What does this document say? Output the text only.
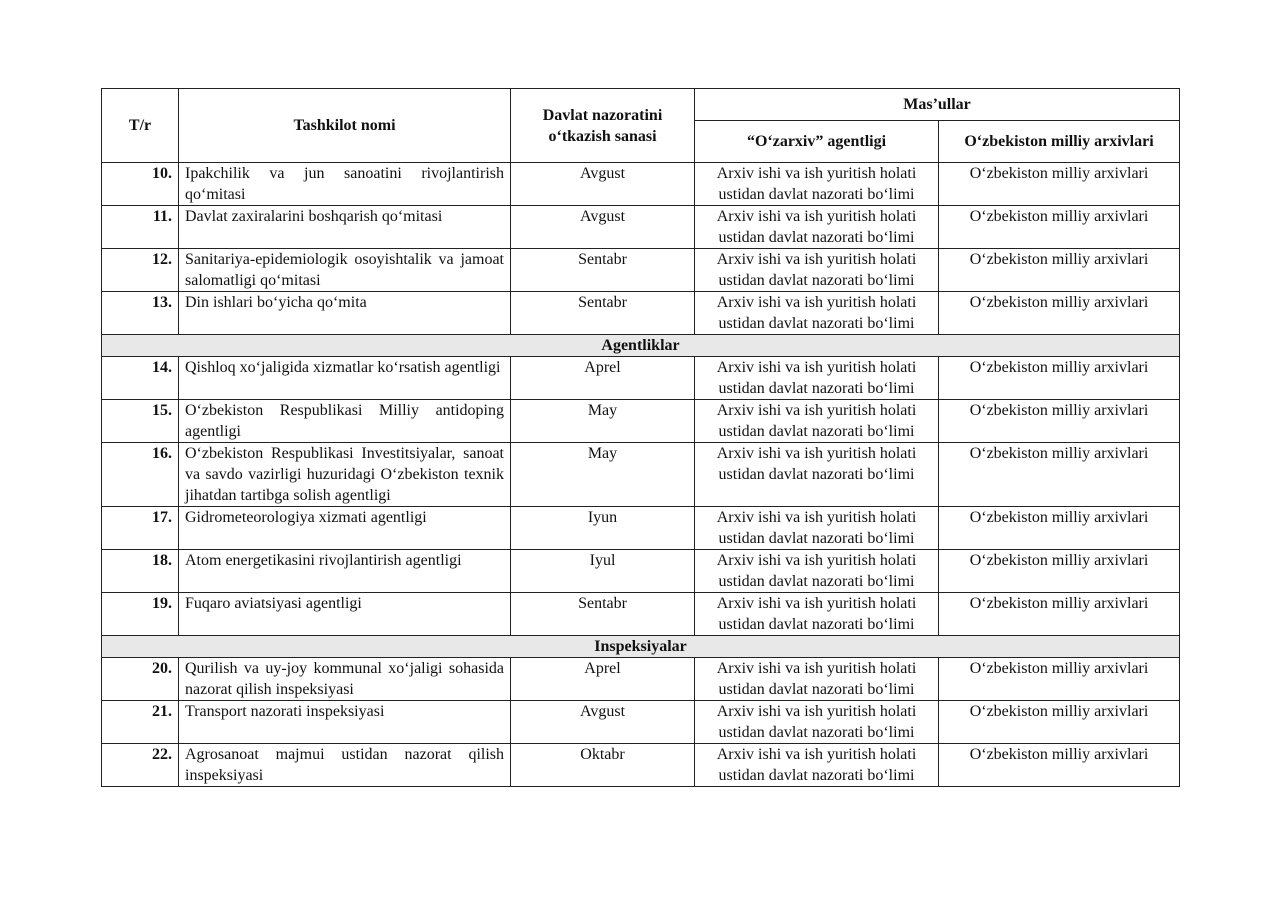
T/r	Tashkilot nomi	Davlat nazoratini o‘tkazish sanasi	Mas’ullar	
			“O‘zarxiv” agentligi	O‘zbekiston milliy arxivlari
10.	Ipakchilik va jun sanoatini rivojlantirish qo‘mitasi	Avgust	Arxiv ishi va ish yuritish holati ustidan davlat nazorati bo‘limi	O‘zbekiston milliy arxivlari
11.	Davlat zaxiralarini boshqarish qo‘mitasi	Avgust	Arxiv ishi va ish yuritish holati ustidan davlat nazorati bo‘limi	O‘zbekiston milliy arxivlari
12.	Sanitariya-epidemiologik osoyishtalik va jamoat salomatligi qo‘mitasi	Sentabr	Arxiv ishi va ish yuritish holati ustidan davlat nazorati bo‘limi	O‘zbekiston milliy arxivlari
13.	Din ishlari bo‘yicha qo‘mita	Sentabr	Arxiv ishi va ish yuritish holati ustidan davlat nazorati bo‘limi	O‘zbekiston milliy arxivlari
Agentliklar				
14.	Qishloq xo‘jaligida xizmatlar ko‘rsatish agentligi	Aprel	Arxiv ishi va ish yuritish holati ustidan davlat nazorati bo‘limi	O‘zbekiston milliy arxivlari
15.	O‘zbekiston Respublikasi Milliy antidoping agentligi	May	Arxiv ishi va ish yuritish holati ustidan davlat nazorati bo‘limi	O‘zbekiston milliy arxivlari
16.	O‘zbekiston Respublikasi Investitsiyalar, sanoat va savdo vazirligi huzuridagi O‘zbekiston texnik jihatdan tartibga solish agentligi	May	Arxiv ishi va ish yuritish holati ustidan davlat nazorati bo‘limi	O‘zbekiston milliy arxivlari
17.	Gidrometeorologiya xizmati agentligi	Iyun	Arxiv ishi va ish yuritish holati ustidan davlat nazorati bo‘limi	O‘zbekiston milliy arxivlari
18.	Atom energetikasini rivojlantirish agentligi	Iyul	Arxiv ishi va ish yuritish holati ustidan davlat nazorati bo‘limi	O‘zbekiston milliy arxivlari
19.	Fuqaro aviatsiyasi agentligi	Sentabr	Arxiv ishi va ish yuritish holati ustidan davlat nazorati bo‘limi	O‘zbekiston milliy arxivlari
Inspeksiyalar				
20.	Qurilish va uy-joy kommunal xo‘jaligi sohasida nazorat qilish inspeksiyasi	Aprel	Arxiv ishi va ish yuritish holati ustidan davlat nazorati bo‘limi	O‘zbekiston milliy arxivlari
21.	Transport nazorati inspeksiyasi	Avgust	Arxiv ishi va ish yuritish holati ustidan davlat nazorati bo‘limi	O‘zbekiston milliy arxivlari
22.	Agrosanoat majmui ustidan nazorat qilish inspeksiyasi	Oktabr	Arxiv ishi va ish yuritish holati ustidan davlat nazorati bo‘limi	O‘zbekiston milliy arxivlari
